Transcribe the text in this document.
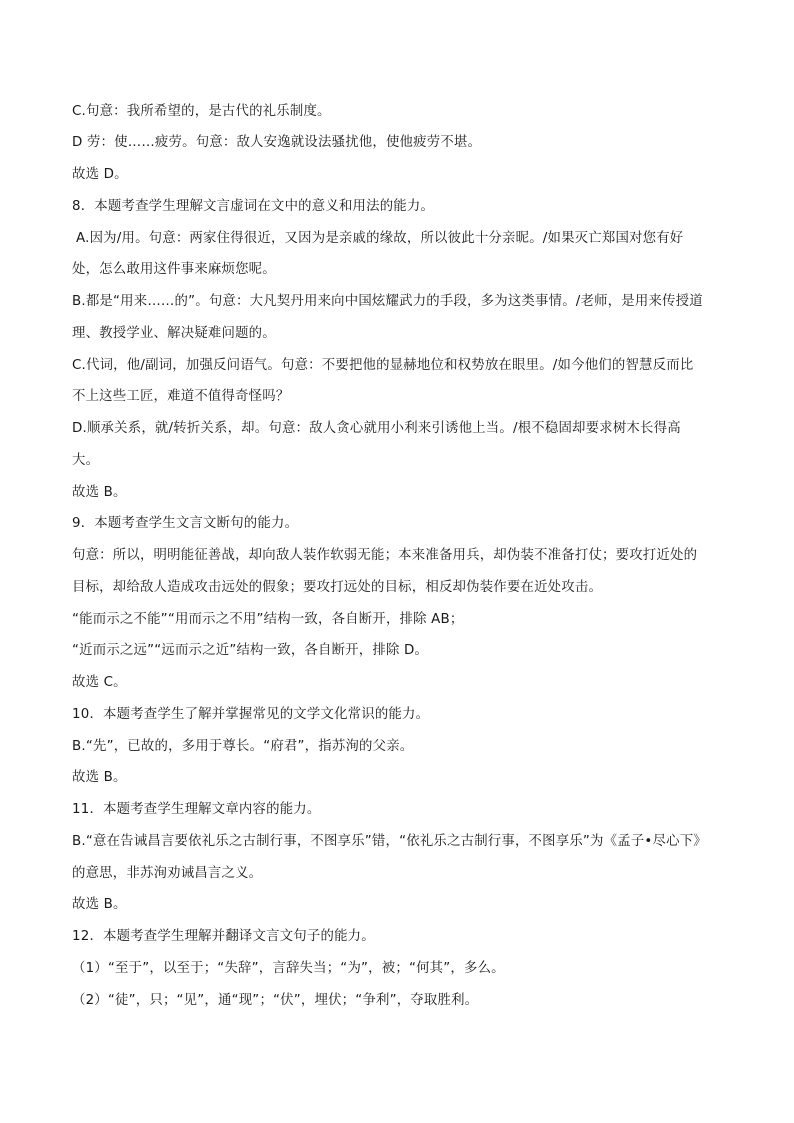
C.句意：我所希望的，是古代的礼乐制度。
D 劳：使……疲劳。句意：敌人安逸就设法骚扰他，使他疲劳不堪。
故选 D。
8．本题考查学生理解文言虚词在文中的意义和用法的能力。
A.因为/用。句意：两家住得很近，又因为是亲戚的缘故，所以彼此十分亲昵。/如果灭亡郑国对您有好
处，怎么敢用这件事来麻烦您呢。
B.都是“用来……的”。句意：大凡契丹用来向中国炫耀武力的手段，多为这类事情。/老师，是用来传授道
理、教授学业、解决疑难问题的。
C.代词，他/副词，加强反问语气。句意：不要把他的显赫地位和权势放在眼里。/如今他们的智慧反而比
不上这些工匠，难道不值得奇怪吗？
D.顺承关系，就/转折关系，却。句意：敌人贪心就用小利来引诱他上当。/根不稳固却要求树木长得高
大。
故选 B。
9．本题考查学生文言文断句的能力。
句意：所以，明明能征善战，却向敌人装作软弱无能；本来准备用兵，却伪装不准备打仗；要攻打近处的
目标，却给敌人造成攻击远处的假象；要攻打远处的目标，相反却伪装作要在近处攻击。
“能而示之不能”“用而示之不用”结构一致，各自断开，排除 AB；
“近而示之远”“远而示之近”结构一致，各自断开，排除 D。
故选 C。
10．本题考查学生了解并掌握常见的文学文化常识的能力。
B.“先”，已故的，多用于尊长。“府君”，指苏洵的父亲。
故选 B。
11．本题考查学生理解文章内容的能力。
B.“意在告诫昌言要依礼乐之古制行事，不图享乐”错，“依礼乐之古制行事，不图享乐”为《孟子•尽心下》
的意思，非苏洵劝诫昌言之义。
故选 B。
12．本题考查学生理解并翻译文言文句子的能力。
（1）“至于”，以至于；“失辞”，言辞失当；“为”，被；“何其”，多么。
（2）“徒”，只；“见”，通“现”；“伏”，埋伏；“争利”，夺取胜利。
